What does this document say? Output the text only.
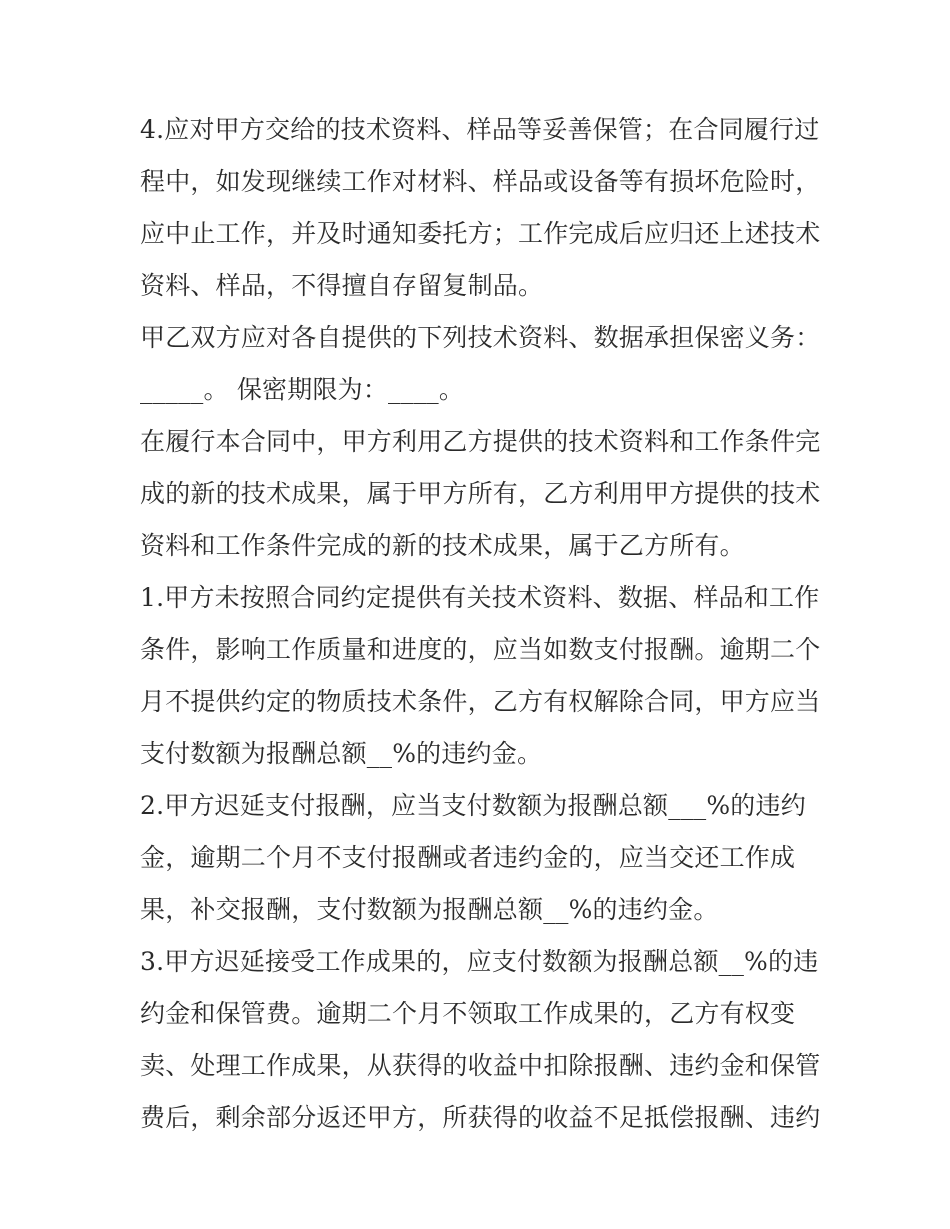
4.应对甲方交给的技术资料、样品等妥善保管；在合同履行过
程中，如发现继续工作对材料、样品或设备等有损坏危险时，
应中止工作，并及时通知委托方；工作完成后应归还上述技术
资料、样品，不得擅自存留复制品。
甲乙双方应对各自提供的下列技术资料、数据承担保密义务：
_____。 保密期限为：____。
在履行本合同中，甲方利用乙方提供的技术资料和工作条件完
成的新的技术成果，属于甲方所有，乙方利用甲方提供的技术
资料和工作条件完成的新的技术成果，属于乙方所有。
1.甲方未按照合同约定提供有关技术资料、数据、样品和工作
条件，影响工作质量和进度的，应当如数支付报酬。逾期二个
月不提供约定的物质技术条件，乙方有权解除合同，甲方应当
支付数额为报酬总额__%的违约金。
2.甲方迟延支付报酬，应当支付数额为报酬总额___%的违约
金，逾期二个月不支付报酬或者违约金的，应当交还工作成
果，补交报酬，支付数额为报酬总额__%的违约金。
3.甲方迟延接受工作成果的，应支付数额为报酬总额__%的违
约金和保管费。逾期二个月不领取工作成果的，乙方有权变
卖、处理工作成果，从获得的收益中扣除报酬、违约金和保管
费后，剩余部分返还甲方，所获得的收益不足抵偿报酬、违约
